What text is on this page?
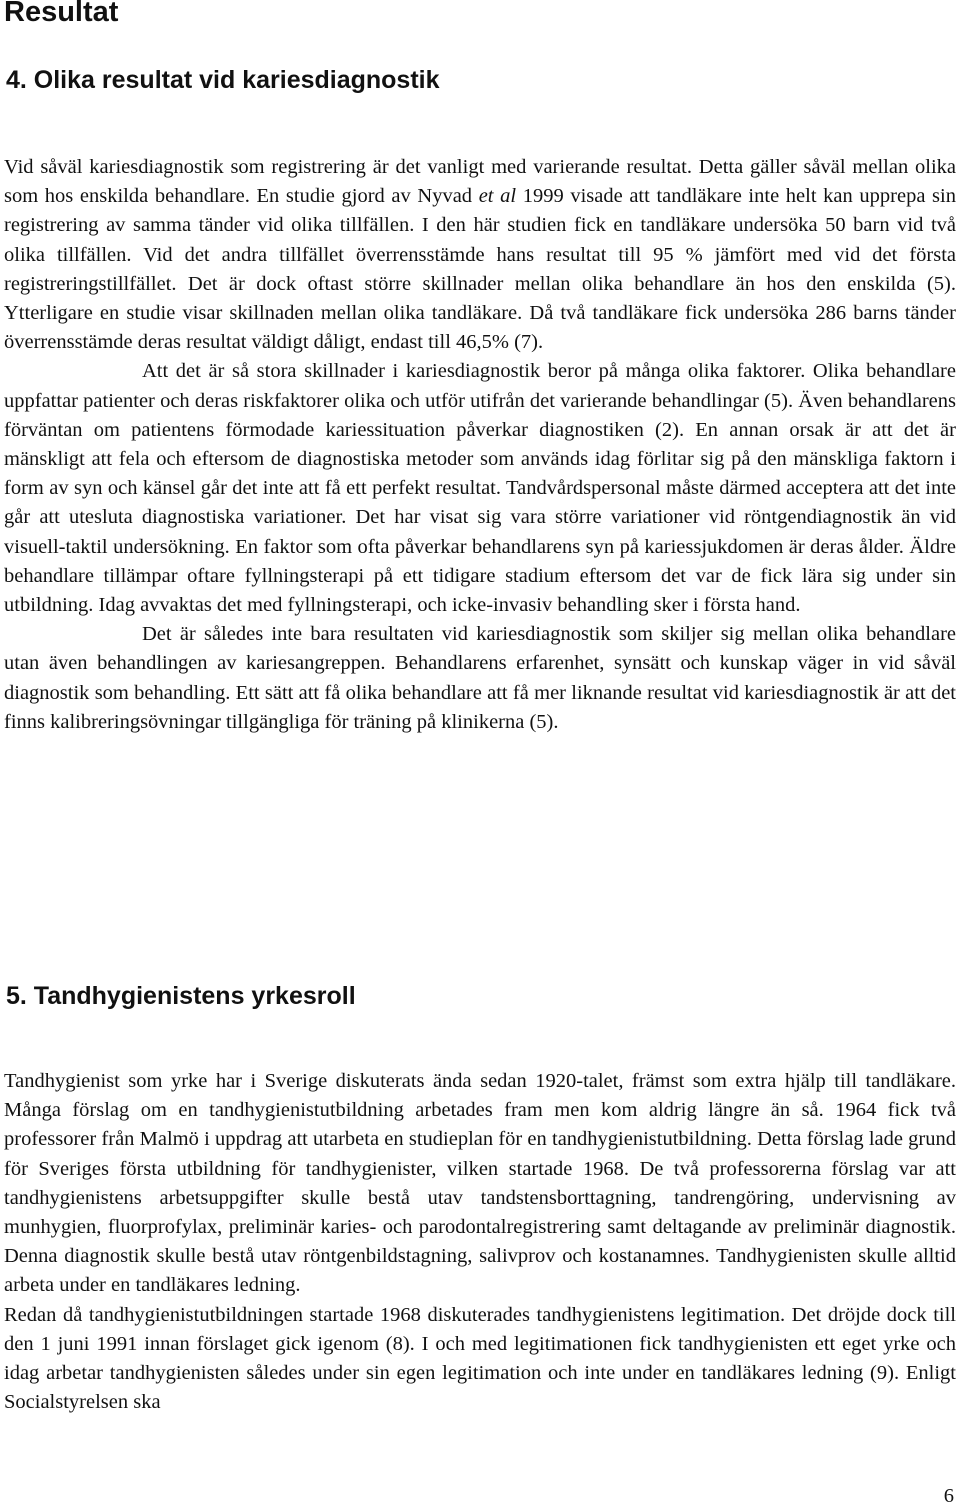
Resultat
4. Olika resultat vid kariesdiagnostik

Vid såväl kariesdiagnostik som registrering är det vanligt med varierande resultat. Detta gäller såväl mellan olika som hos enskilda behandlare. En studie gjord av Nyvad et al 1999 visade att tandläkare inte helt kan upprepa sin registrering av samma tänder vid olika tillfällen. I den här studien fick en tandläkare undersöka 50 barn vid två olika tillfällen. Vid det andra tillfället överrensstämde hans resultat till 95 % jämfört med vid det första registreringstillfället. Det är dock oftast större skillnader mellan olika behandlare än hos den enskilda (5). Ytterligare en studie visar skillnaden mellan olika tandläkare. Då två tandläkare fick undersöka 286 barns tänder överrensstämde deras resultat väldigt dåligt, endast till 46,5% (7).

Att det är så stora skillnader i kariesdiagnostik beror på många olika faktorer. Olika behandlare uppfattar patienter och deras riskfaktorer olika och utför utifrån det varierande behandlingar (5). Även behandlarens förväntan om patientens förmodade kariessituation påverkar diagnostiken (2). En annan orsak är att det är mänskligt att fela och eftersom de diagnostiska metoder som används idag förlitar sig på den mänskliga faktorn i form av syn och känsel går det inte att få ett perfekt resultat. Tandvårdspersonal måste därmed acceptera att det inte går att utesluta diagnostiska variationer. Det har visat sig vara större variationer vid röntgendiagnostik än vid visuell-taktil undersökning. En faktor som ofta påverkar behandlarens syn på kariessjukdomen är deras ålder. Äldre behandlare tillämpar oftare fyllningsterapi på ett tidigare stadium eftersom det var de fick lära sig under sin utbildning. Idag avvaktas det med fyllningsterapi, och icke-invasiv behandling sker i första hand.

Det är således inte bara resultaten vid kariesdiagnostik som skiljer sig mellan olika behandlare utan även behandlingen av kariesangreppen. Behandlarens erfarenhet, synsätt och kunskap väger in vid såväl diagnostik som behandling. Ett sätt att få olika behandlare att få mer liknande resultat vid kariesdiagnostik är att det finns kalibreringsövningar tillgängliga för träning på klinikerna (5).

5. Tandhygienistens yrkesroll

Tandhygienist som yrke har i Sverige diskuterats ända sedan 1920-talet, främst som extra hjälp till tandläkare. Många förslag om en tandhygienistutbildning arbetades fram men kom aldrig längre än så. 1964 fick två professorer från Malmö i uppdrag att utarbeta en studieplan för en tandhygienistutbildning. Detta förslag lade grund för Sveriges första utbildning för tandhygienister, vilken startade 1968. De två professorerna förslag var att tandhygienistens arbetsuppgifter skulle bestå utav tandstensborttagning, tandrengöring, undervisning av munhygien, fluorprofylax, preliminär karies- och parodontalregistrering samt deltagande av preliminär diagnostik. Denna diagnostik skulle bestå utav röntgenbildstagning, salivprov och kostanamnes. Tandhygienisten skulle alltid arbeta under en tandläkares ledning.

Redan då tandhygienistutbildningen startade 1968 diskuterades tandhygienistens legitimation. Det dröjde dock till den 1 juni 1991 innan förslaget gick igenom (8). I och med legitimationen fick tandhygienisten ett eget yrke och idag arbetar tandhygienisten således under sin egen legitimation och inte under en tandläkares ledning (9). Enligt Socialstyrelsen ska

6
